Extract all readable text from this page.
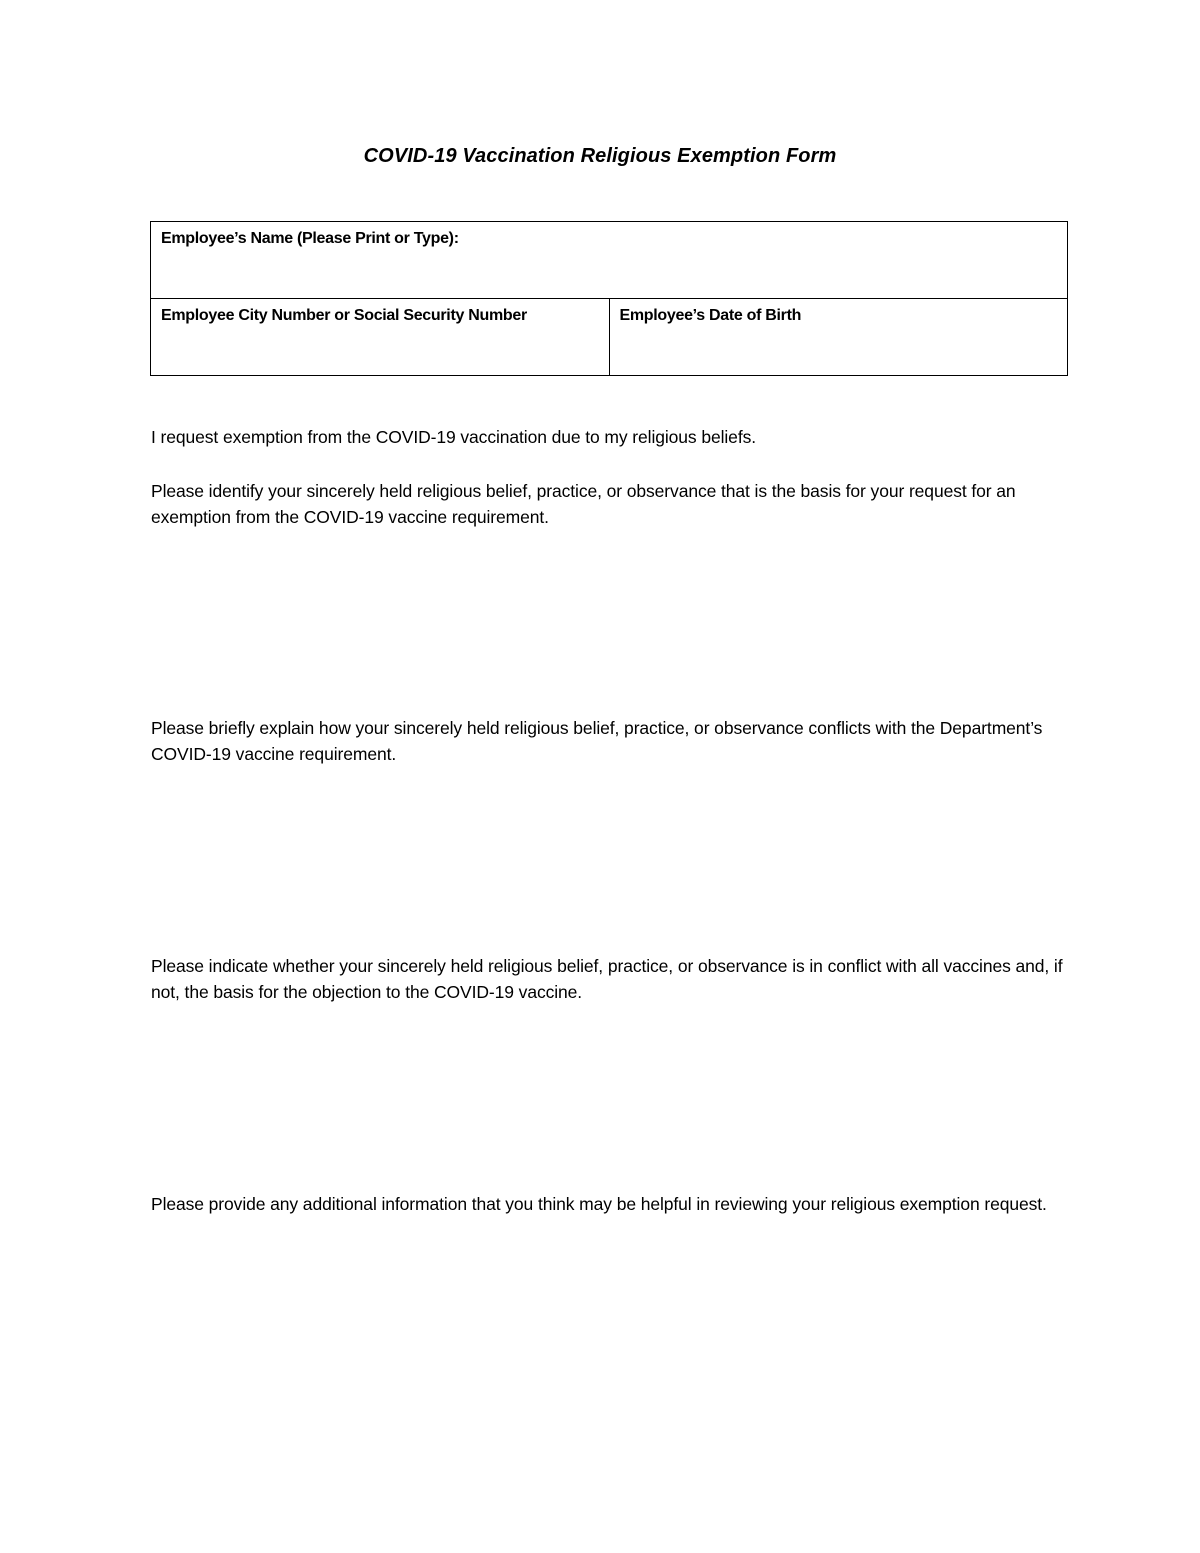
COVID-19 Vaccination Religious Exemption Form
Employee’s Name (Please Print or Type):
Employee City Number or Social Security Number	Employee’s Date of Birth
I request exemption from the COVID-19 vaccination due to my religious beliefs.
Please identify your sincerely held religious belief, practice, or observance that is the basis for your request for an exemption from the COVID-19 vaccine requirement.
Please briefly explain how your sincerely held religious belief, practice, or observance conflicts with the Department’s COVID-19 vaccine requirement.
Please indicate whether your sincerely held religious belief, practice, or observance is in conflict with all vaccines and, if not, the basis for the objection to the COVID-19 vaccine.
Please provide any additional information that you think may be helpful in reviewing your religious exemption request.
